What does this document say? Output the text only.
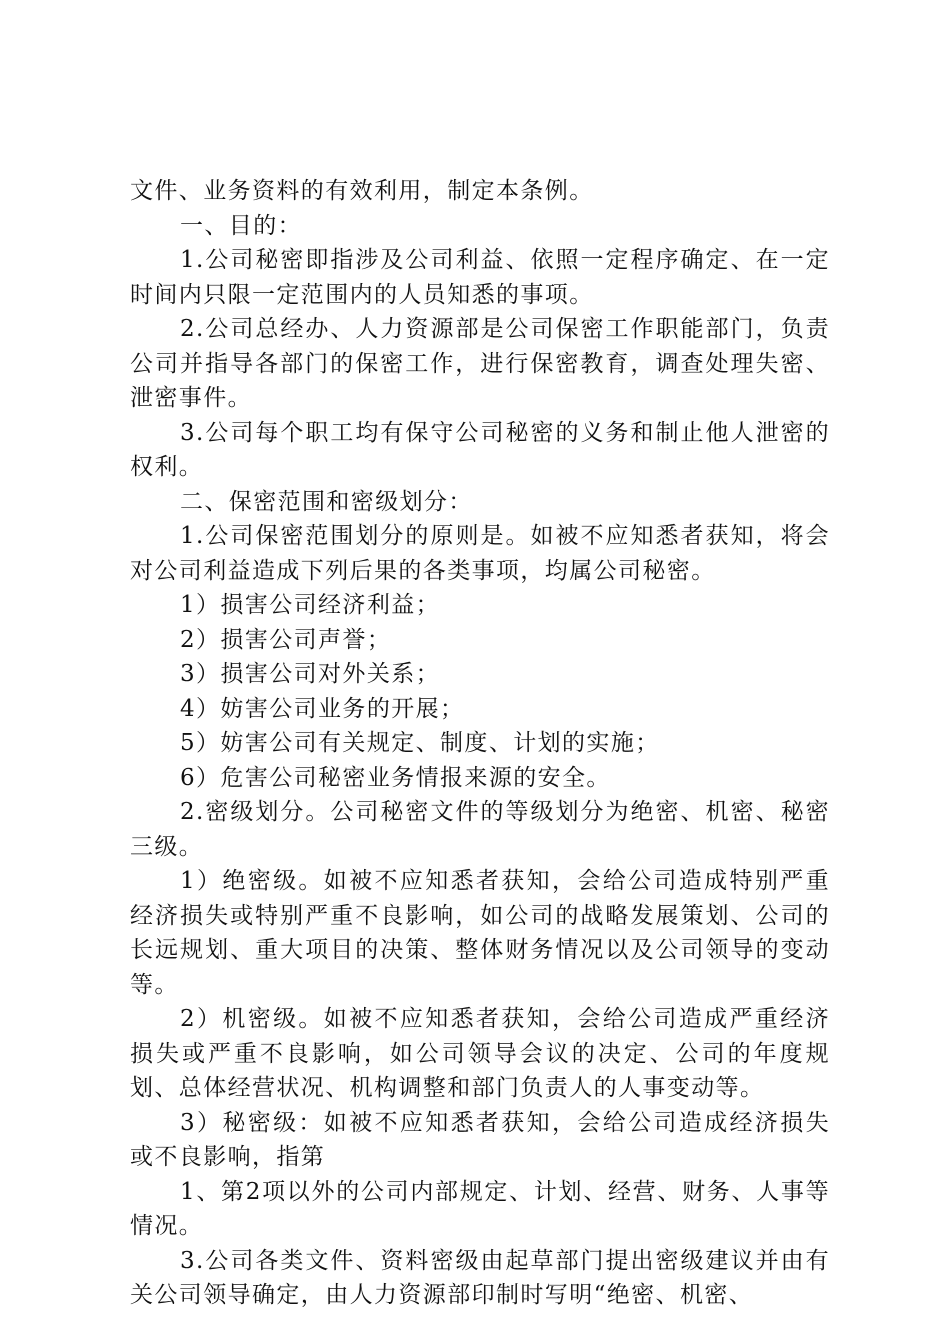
文件、业务资料的有效利用，制定本条例。

一、目的：

1.公司秘密即指涉及公司利益、依照一定程序确定、在一定时间内只限一定范围内的人员知悉的事项。

2.公司总经办、人力资源部是公司保密工作职能部门，负责公司并指导各部门的保密工作，进行保密教育，调查处理失密、泄密事件。

3.公司每个职工均有保守公司秘密的义务和制止他人泄密的权利。

二、保密范围和密级划分：

1.公司保密范围划分的原则是。如被不应知悉者获知，将会对公司利益造成下列后果的各类事项，均属公司秘密。

1）损害公司经济利益；

2）损害公司声誉；

3）损害公司对外关系；

4）妨害公司业务的开展；

5）妨害公司有关规定、制度、计划的实施；

6）危害公司秘密业务情报来源的安全。

2.密级划分。公司秘密文件的等级划分为绝密、机密、秘密三级。

1）绝密级。如被不应知悉者获知，会给公司造成特别严重经济损失或特别严重不良影响，如公司的战略发展策划、公司的长远规划、重大项目的决策、整体财务情况以及公司领导的变动等。

2）机密级。如被不应知悉者获知，会给公司造成严重经济损失或严重不良影响，如公司领导会议的决定、公司的年度规划、总体经营状况、机构调整和部门负责人的人事变动等。

3）秘密级：如被不应知悉者获知，会给公司造成经济损失或不良影响，指第

1、第2项以外的公司内部规定、计划、经营、财务、人事等情况。

3.公司各类文件、资料密级由起草部门提出密级建议并由有关公司领导确定，由人力资源部印制时写明“绝密、机密、
